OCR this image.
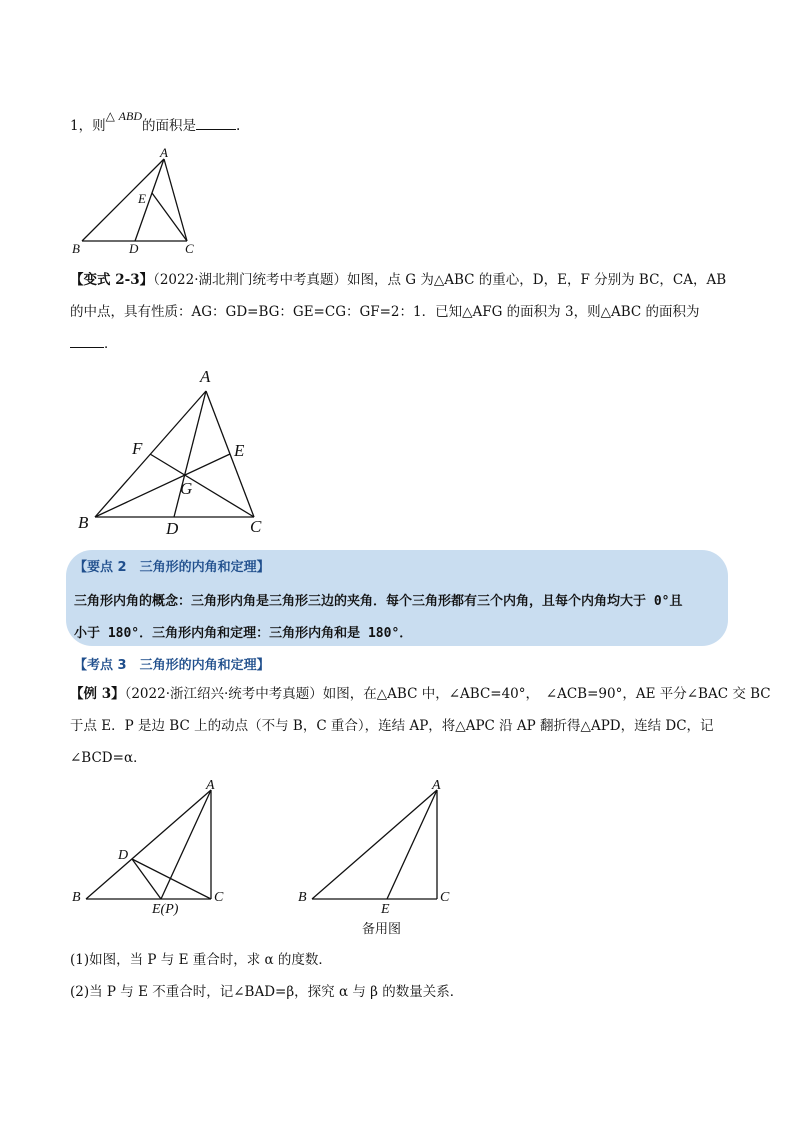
1，则△ ABD的面积是	.
A
B	C
D
E
【变式 2-3】（2022·湖北荆门统考中考真题）如图，点 G 为△ABC 的重心，D，E，F 分别为 BC，CA，AB
的中点，具有性质：AG：GD=BG：GE=CG：GF=2：1．已知△AFG 的面积为 3，则△ABC 的面积为
．
A
B	C
D
E
F
G
【要点 2　三角形的内角和定理】
三角形内角的概念：三角形内角是三角形三边的夹角．每个三角形都有三个内角，且每个内角均大于 0°且
小于 180°．三角形内角和定理：三角形内角和是 180°．
【考点 3　三角形的内角和定理】
【例 3】（2022·浙江绍兴·统考中考真题）如图，在△ABC 中，∠ABC=40°，　∠ACB=90°，AE 平分∠BAC 交 BC
于点 E．P 是边 BC 上的动点（不与 B，C 重合），连结 AP，将△APC 沿 AP 翻折得△APD，连结 DC，记
∠BCD=α．
A
B	C
D
E(P)
A
B	C
E
备用图
(1)如图，当 P 与 E 重合时，求 α 的度数．
(2)当 P 与 E 不重合时，记∠BAD=β，探究 α 与 β 的数量关系．
